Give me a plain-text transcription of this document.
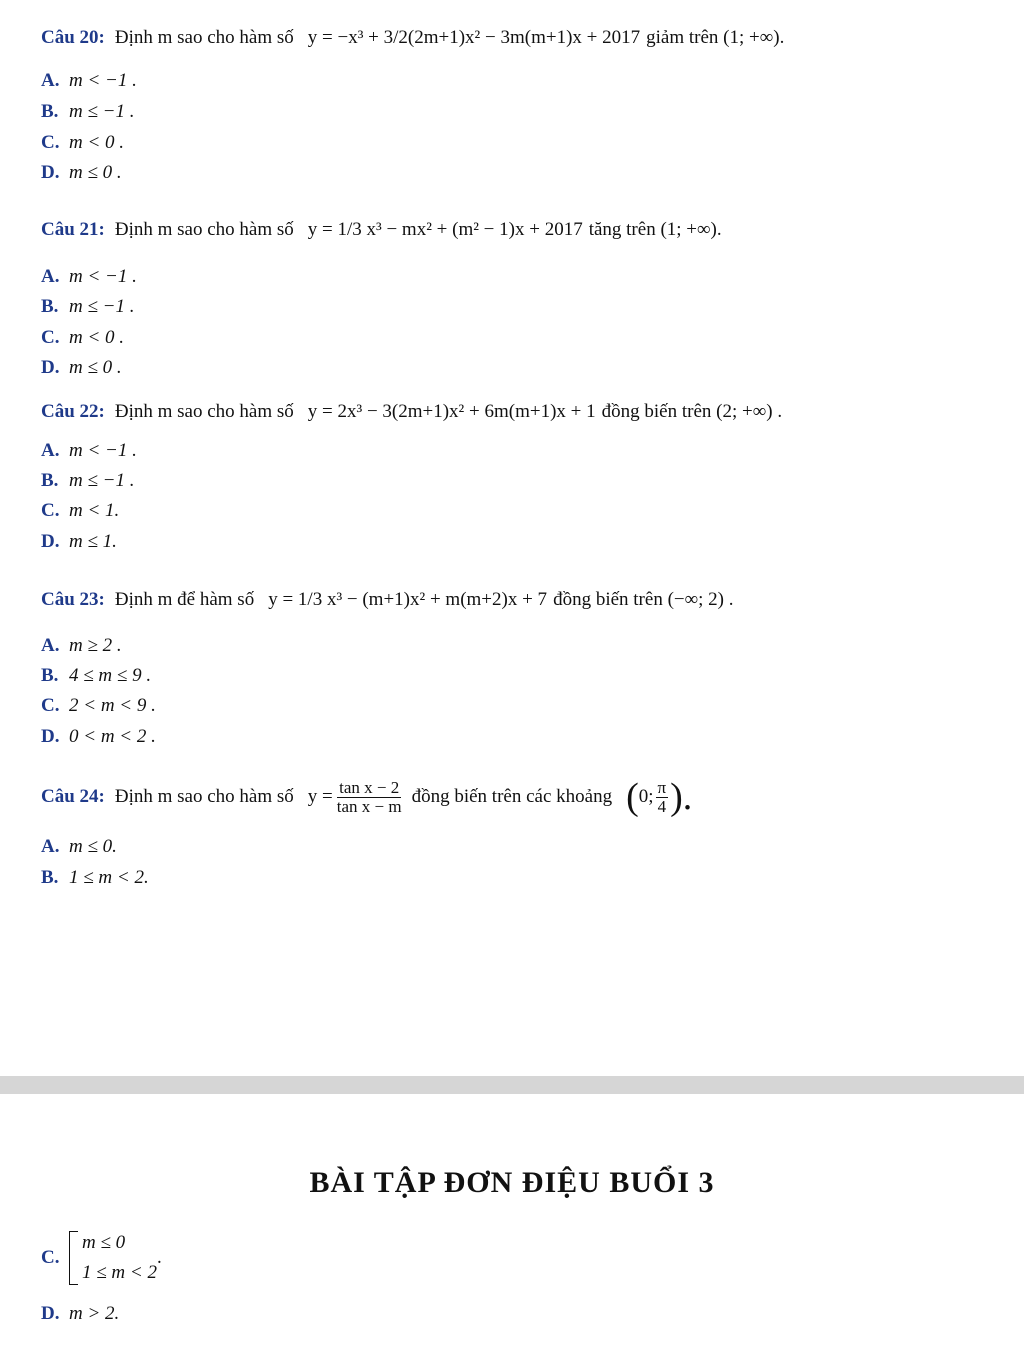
Câu 20: Định m sao cho hàm số y = −x³ + 3/2(2m+1)x² − 3m(m+1)x + 2017 giảm trên (1; +∞).
A. m < −1 .
B. m ≤ −1 .
C. m < 0 .
D. m ≤ 0 .
Câu 21: Định m sao cho hàm số y = 1/3 x³ − mx² + (m² − 1)x + 2017 tăng trên (1; +∞).
A. m < −1 .
B. m ≤ −1 .
C. m < 0 .
D. m ≤ 0 .
Câu 22: Định m sao cho hàm số y = 2x³ − 3(2m+1)x² + 6m(m+1)x + 1 đồng biến trên (2; +∞) .
A. m < −1 .
B. m ≤ −1 .
C. m < 1.
D. m ≤ 1.
Câu 23: Định m để hàm số y = 1/3 x³ − (m+1)x² + m(m+2)x + 7 đồng biến trên (−∞; 2) .
A. m ≥ 2 .
B. 4 ≤ m ≤ 9 .
C. 2 < m < 9 .
D. 0 < m < 2 .
Câu 24: Định m sao cho hàm số $y = \frac{\text{tan x − 2}}{\text{tan x − m}}$ đồng biến trên các khoảng ( 0; $\frac{\pi}{4}$ ).
A. m ≤ 0.
B. 1 ≤ m < 2.
BÀI TẬP ĐƠN ĐIỆU BUỔI 3
C.
m ≤ 0
1 ≤ m < 2
.
D. m > 2.
